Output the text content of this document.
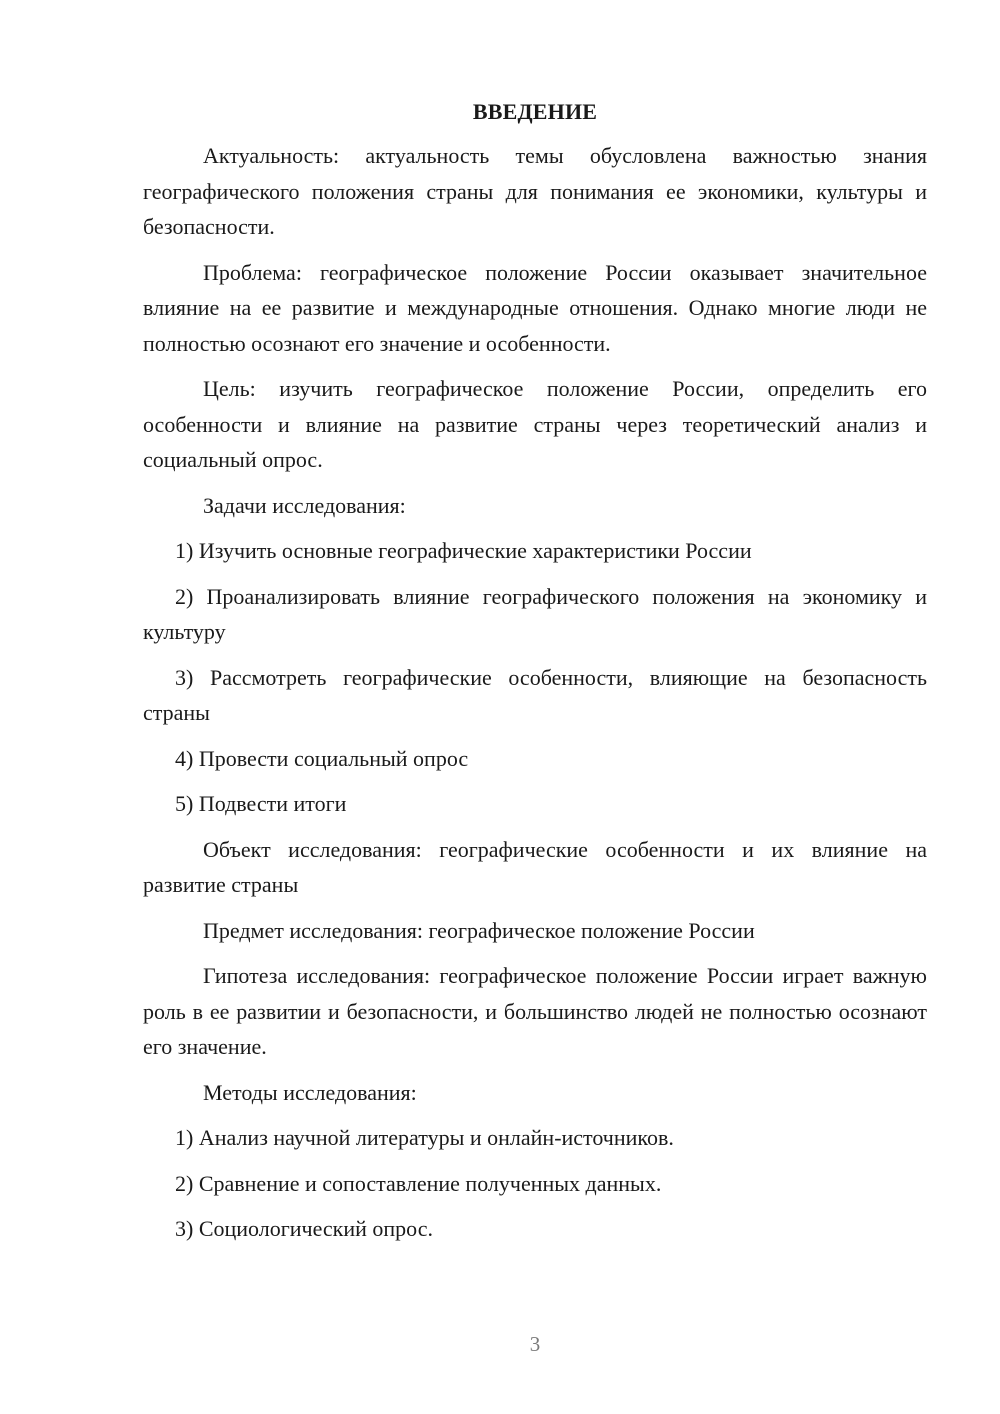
ВВЕДЕНИЕ

Актуальность: актуальность темы обусловлена важностью знания географического положения страны для понимания ее экономики, культуры и безопасности.

Проблема: географическое положение России оказывает значительное влияние на ее развитие и международные отношения. Однако многие люди не полностью осознают его значение и особенности.

Цель: изучить географическое положение России, определить его особенности и влияние на развитие страны через теоретический анализ и социальный опрос.

Задачи исследования:

1) Изучить основные географические характеристики России

2) Проанализировать влияние географического положения на экономику и культуру

3) Рассмотреть географические особенности, влияющие на безопасность страны

4) Провести социальный опрос

5) Подвести итоги

Объект исследования: географические особенности и их влияние на развитие страны

Предмет исследования: географическое положение России

Гипотеза исследования: географическое положение России играет важную роль в ее развитии и безопасности, и большинство людей не полностью осознают его значение.

Методы исследования:

1) Анализ научной литературы и онлайн-источников.

2) Сравнение и сопоставление полученных данных.

3) Социологический опрос.

3
